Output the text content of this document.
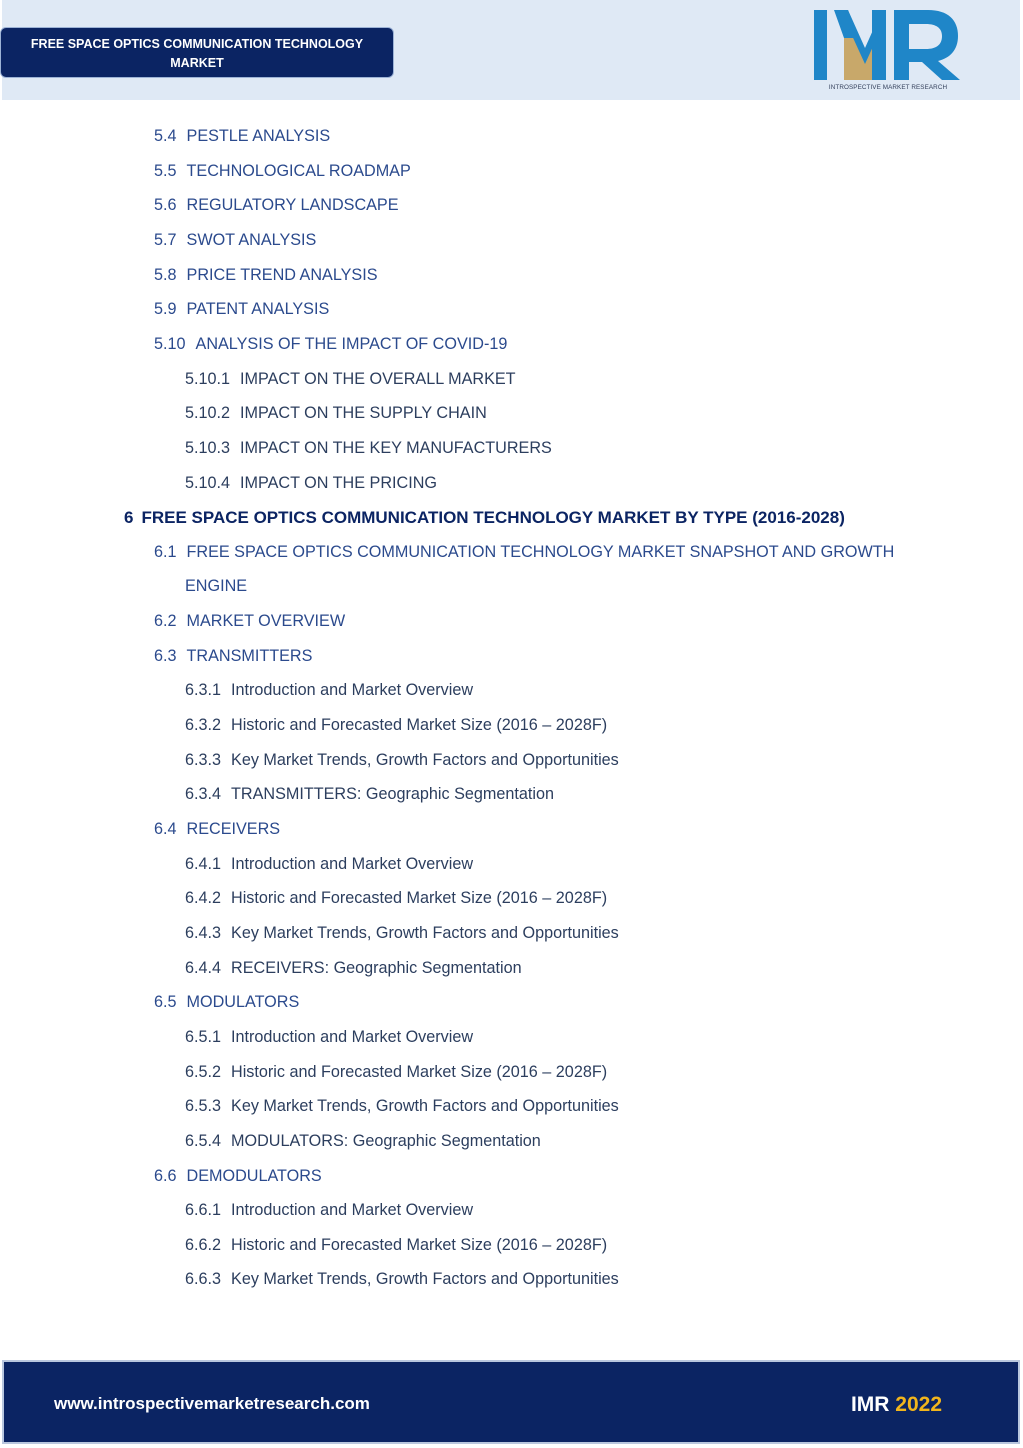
FREE SPACE OPTICS COMMUNICATION TECHNOLOGY
MARKET
INTROSPECTIVE MARKET RESEARCH
5.4 PESTLE ANALYSIS
5.5 TECHNOLOGICAL ROADMAP
5.6 REGULATORY LANDSCAPE
5.7 SWOT ANALYSIS
5.8 PRICE TREND ANALYSIS
5.9 PATENT ANALYSIS
5.10 ANALYSIS OF THE IMPACT OF COVID-19
5.10.1 IMPACT ON THE OVERALL MARKET
5.10.2 IMPACT ON THE SUPPLY CHAIN
5.10.3 IMPACT ON THE KEY MANUFACTURERS
5.10.4 IMPACT ON THE PRICING
6 FREE SPACE OPTICS COMMUNICATION TECHNOLOGY MARKET BY TYPE (2016-2028)
6.1 FREE SPACE OPTICS COMMUNICATION TECHNOLOGY MARKET SNAPSHOT AND GROWTH
ENGINE
6.2 MARKET OVERVIEW
6.3 TRANSMITTERS
6.3.1 Introduction and Market Overview
6.3.2 Historic and Forecasted Market Size (2016 – 2028F)
6.3.3 Key Market Trends, Growth Factors and Opportunities
6.3.4 TRANSMITTERS: Geographic Segmentation
6.4 RECEIVERS
6.4.1 Introduction and Market Overview
6.4.2 Historic and Forecasted Market Size (2016 – 2028F)
6.4.3 Key Market Trends, Growth Factors and Opportunities
6.4.4 RECEIVERS: Geographic Segmentation
6.5 MODULATORS
6.5.1 Introduction and Market Overview
6.5.2 Historic and Forecasted Market Size (2016 – 2028F)
6.5.3 Key Market Trends, Growth Factors and Opportunities
6.5.4 MODULATORS: Geographic Segmentation
6.6 DEMODULATORS
6.6.1 Introduction and Market Overview
6.6.2 Historic and Forecasted Market Size (2016 – 2028F)
6.6.3 Key Market Trends, Growth Factors and Opportunities
www.introspectivemarketresearch.com	IMR 2022
